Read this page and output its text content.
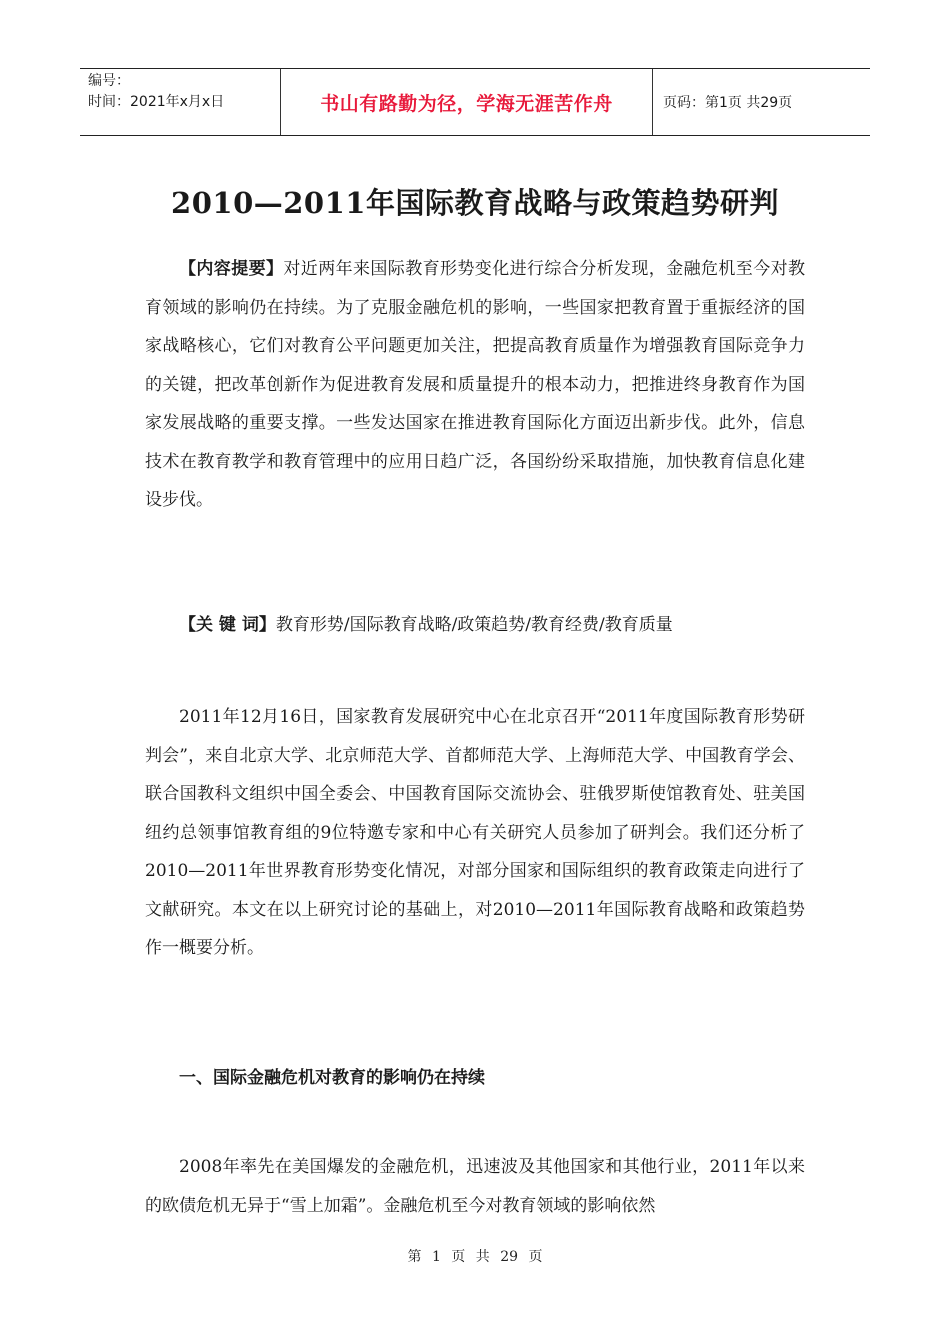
编号：
时间：2021年x月x日	书山有路勤为径，学海无涯苦作舟	页码：第1页 共29页
2010—2011年国际教育战略与政策趋势研判

【内容提要】对近两年来国际教育形势变化进行综合分析发现，金融危机至今对教育领域的影响仍在持续。为了克服金融危机的影响，一些国家把教育置于重振经济的国家战略核心，它们对教育公平问题更加关注，把提高教育质量作为增强教育国际竞争力的关键，把改革创新作为促进教育发展和质量提升的根本动力，把推进终身教育作为国家发展战略的重要支撑。一些发达国家在推进教育国际化方面迈出新步伐。此外，信息技术在教育教学和教育管理中的应用日趋广泛，各国纷纷采取措施，加快教育信息化建设步伐。

【关 键 词】教育形势/国际教育战略/政策趋势/教育经费/教育质量

2011年12月16日，国家教育发展研究中心在北京召开“2011年度国际教育形势研判会”，来自北京大学、北京师范大学、首都师范大学、上海师范大学、中国教育学会、联合国教科文组织中国全委会、中国教育国际交流协会、驻俄罗斯使馆教育处、驻美国纽约总领事馆教育组的9位特邀专家和中心有关研究人员参加了研判会。我们还分析了2010—2011年世界教育形势变化情况，对部分国家和国际组织的教育政策走向进行了文献研究。本文在以上研究讨论的基础上，对2010—2011年国际教育战略和政策趋势作一概要分析。

一、国际金融危机对教育的影响仍在持续

2008年率先在美国爆发的金融危机，迅速波及其他国家和其他行业，2011年以来的欧债危机无异于“雪上加霜”。金融危机至今对教育领域的影响依然

第 1 页 共 29 页
